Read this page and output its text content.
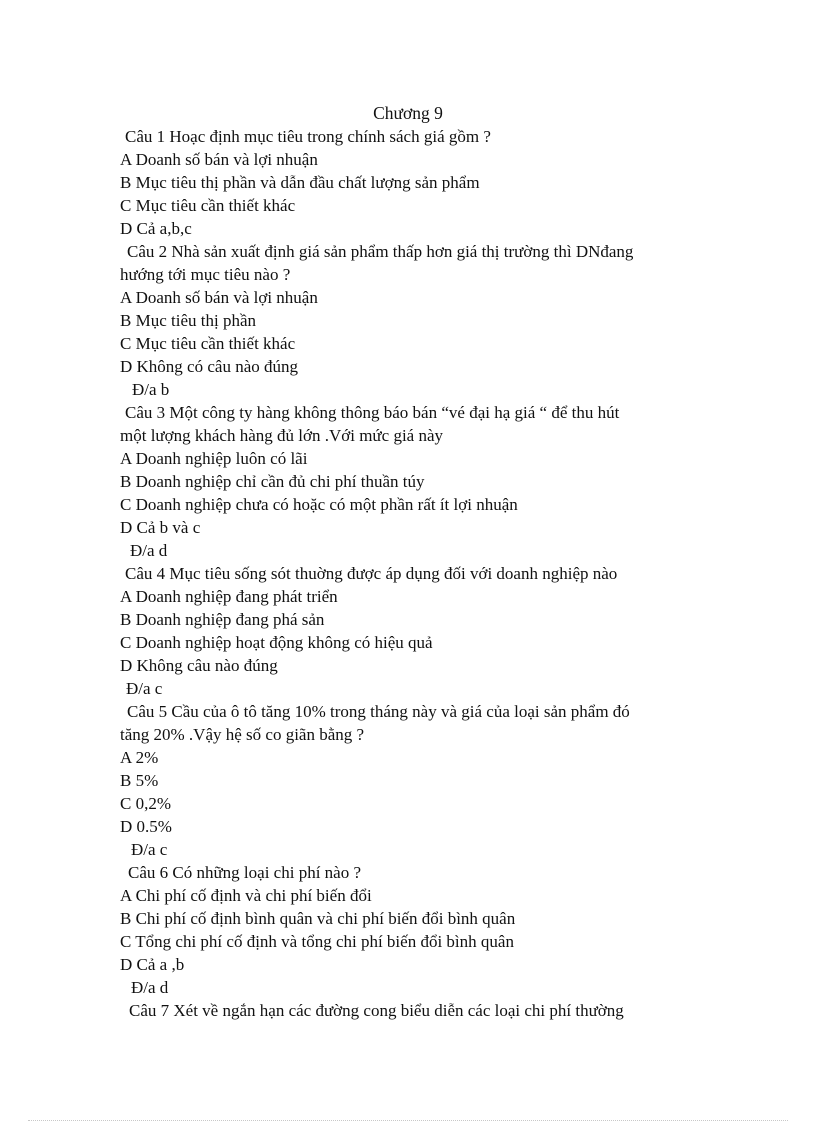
Chương 9
Câu 1 Hoạc định mục tiêu trong chính sách giá gồm ?
A Doanh số bán và lợi nhuận
B Mục tiêu thị phần và dẫn đầu chất lượng sản phẩm
C Mục tiêu cần thiết khác
D Cả a,b,c
Câu 2 Nhà sản xuất định giá sản phẩm thấp hơn giá thị trường thì DNđang
hướng tới mục tiêu nào ?
A Doanh số bán và lợi nhuận
B Mục tiêu thị phần
C Mục tiêu cần thiết khác
D Không có câu nào đúng
Đ/a b
Câu 3 Một công ty hàng không thông báo bán “vé đại hạ giá “ để thu hút
một lượng khách hàng đủ lớn .Với mức giá này
A Doanh nghiệp luôn có lãi
B Doanh nghiệp chỉ cần đủ chi phí thuần túy
C Doanh nghiệp chưa có hoặc có một phần rất ít lợi nhuận
D Cả b và c
Đ/a d
Câu 4 Mục tiêu sống sót thuờng được áp dụng đối với doanh nghiệp nào
A Doanh nghiệp đang phát triển
B Doanh nghiệp đang phá sản
C Doanh nghiệp hoạt động không có hiệu quả
D Không câu nào đúng
Đ/a c
Câu 5 Cầu của ô tô tăng 10% trong tháng này và giá của loại sản phẩm đó
tăng 20% .Vậy hệ số co giãn bằng ?
A 2%
B 5%
C 0,2%
D 0.5%
Đ/a c
Câu 6 Có những loại chi phí nào ?
A Chi phí cố định và chi phí biến đổi
B Chi phí cố định bình quân và chi phí biến đổi bình quân
C Tổng chi phí cố định và tổng chi phí biến đổi bình quân
D Cả a ,b
Đ/a d
Câu 7 Xét về ngắn hạn các đường cong biểu diễn các loại chi phí thường
